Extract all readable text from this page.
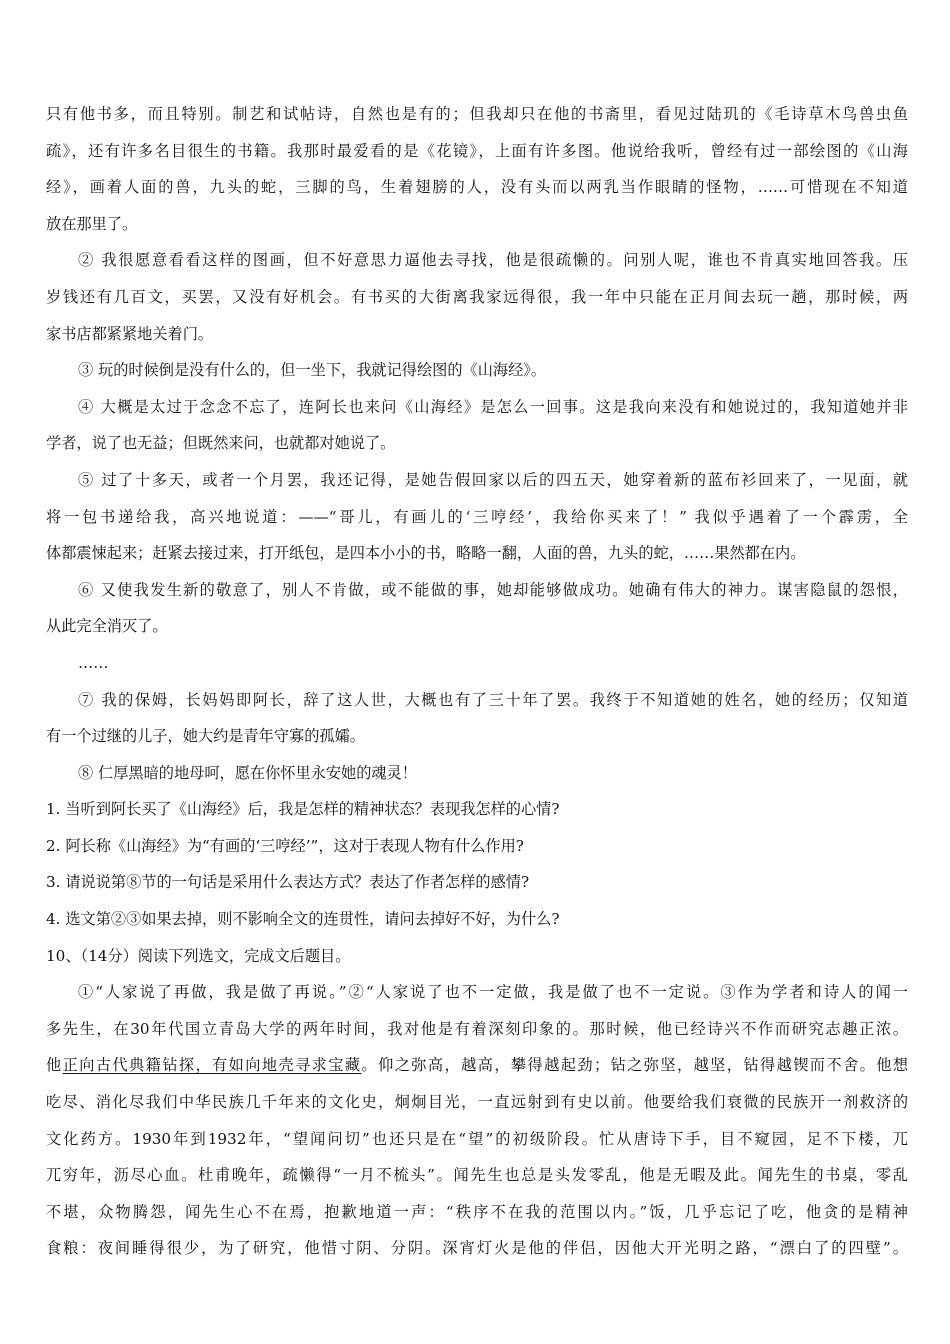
只有他书多，而且特别。制艺和试帖诗，自然也是有的；但我却只在他的书斋里，看见过陆玑的《毛诗草木鸟兽虫鱼
疏》，还有许多名目很生的书籍。我那时最爱看的是《花镜》，上面有许多图。他说给我听，曾经有过一部绘图的《山海
经》，画着人面的兽，九头的蛇，三脚的鸟，生着翅膀的人，没有头而以两乳当作眼睛的怪物，……可惜现在不知道
放在那里了。
② 我很愿意看看这样的图画，但不好意思力逼他去寻找，他是很疏懒的。问别人呢，谁也不肯真实地回答我。压
岁钱还有几百文，买罢，又没有好机会。有书买的大街离我家远得很，我一年中只能在正月间去玩一趟，那时候，两
家书店都紧紧地关着门。
③ 玩的时候倒是没有什么的，但一坐下，我就记得绘图的《山海经》。
④ 大概是太过于念念不忘了，连阿长也来问《山海经》是怎么一回事。这是我向来没有和她说过的，我知道她并非
学者，说了也无益；但既然来问，也就都对她说了。
⑤ 过了十多天，或者一个月罢，我还记得，是她告假回家以后的四五天，她穿着新的蓝布衫回来了，一见面，就
将一包书递给我，高兴地说道：——“哥儿，有画儿的‘三哼经’，我给你买来了！” 我似乎遇着了一个霹雳，全
体都震悚起来；赶紧去接过来，打开纸包，是四本小小的书，略略一翻，人面的兽，九头的蛇，……果然都在内。
⑥ 又使我发生新的敬意了，别人不肯做，或不能做的事，她却能够做成功。她确有伟大的神力。谋害隐鼠的怨恨，
从此完全消灭了。
……
⑦ 我的保姆，长妈妈即阿长，辞了这人世，大概也有了三十年了罢。我终于不知道她的姓名，她的经历；仅知道
有一个过继的儿子，她大约是青年守寡的孤孀。
⑧ 仁厚黑暗的地母呵，愿在你怀里永安她的魂灵！
1. 当听到阿长买了《山海经》后，我是怎样的精神状态？表现我怎样的心情?
2. 阿长称《山海经》为“有画的‘三哼经’”，这对于表现人物有什么作用?
3. 请说说第⑧节的一句话是采用什么表达方式？表达了作者怎样的感情?
4. 选文第②③如果去掉，则不影响全文的连贯性，请问去掉好不好，为什么?
10、（14分）阅读下列选文，完成文后题目。
①“人家说了再做，我是做了再说。”②“人家说了也不一定做，我是做了也不一定说。③作为学者和诗人的闻一
多先生，在30年代国立青岛大学的两年时间，我对他是有着深刻印象的。那时候，他已经诗兴不作而研究志趣正浓。
他正向古代典籍钻探，有如向地壳寻求宝藏。仰之弥高，越高，攀得越起劲；钻之弥坚，越坚，钻得越锲而不舍。他想
吃尽、消化尽我们中华民族几千年来的文化史，炯炯目光，一直远射到有史以前。他要给我们衰微的民族开一剂救济的
文化药方。1930年到1932年，“望闻问切”也还只是在“望”的初级阶段。忙从唐诗下手，目不窥园，足不下楼，兀
兀穷年，沥尽心血。杜甫晚年，疏懒得“一月不梳头”。闻先生也总是头发零乱，他是无暇及此。闻先生的书桌，零乱
不堪，众物腾怨，闻先生心不在焉，抱歉地道一声：“秩序不在我的范围以内。”饭，几乎忘记了吃，他贪的是精神
食粮：夜间睡得很少，为了研究，他惜寸阴、分阴。深宵灯火是他的伴侣，因他大开光明之路，“漂白了的四壁”。
